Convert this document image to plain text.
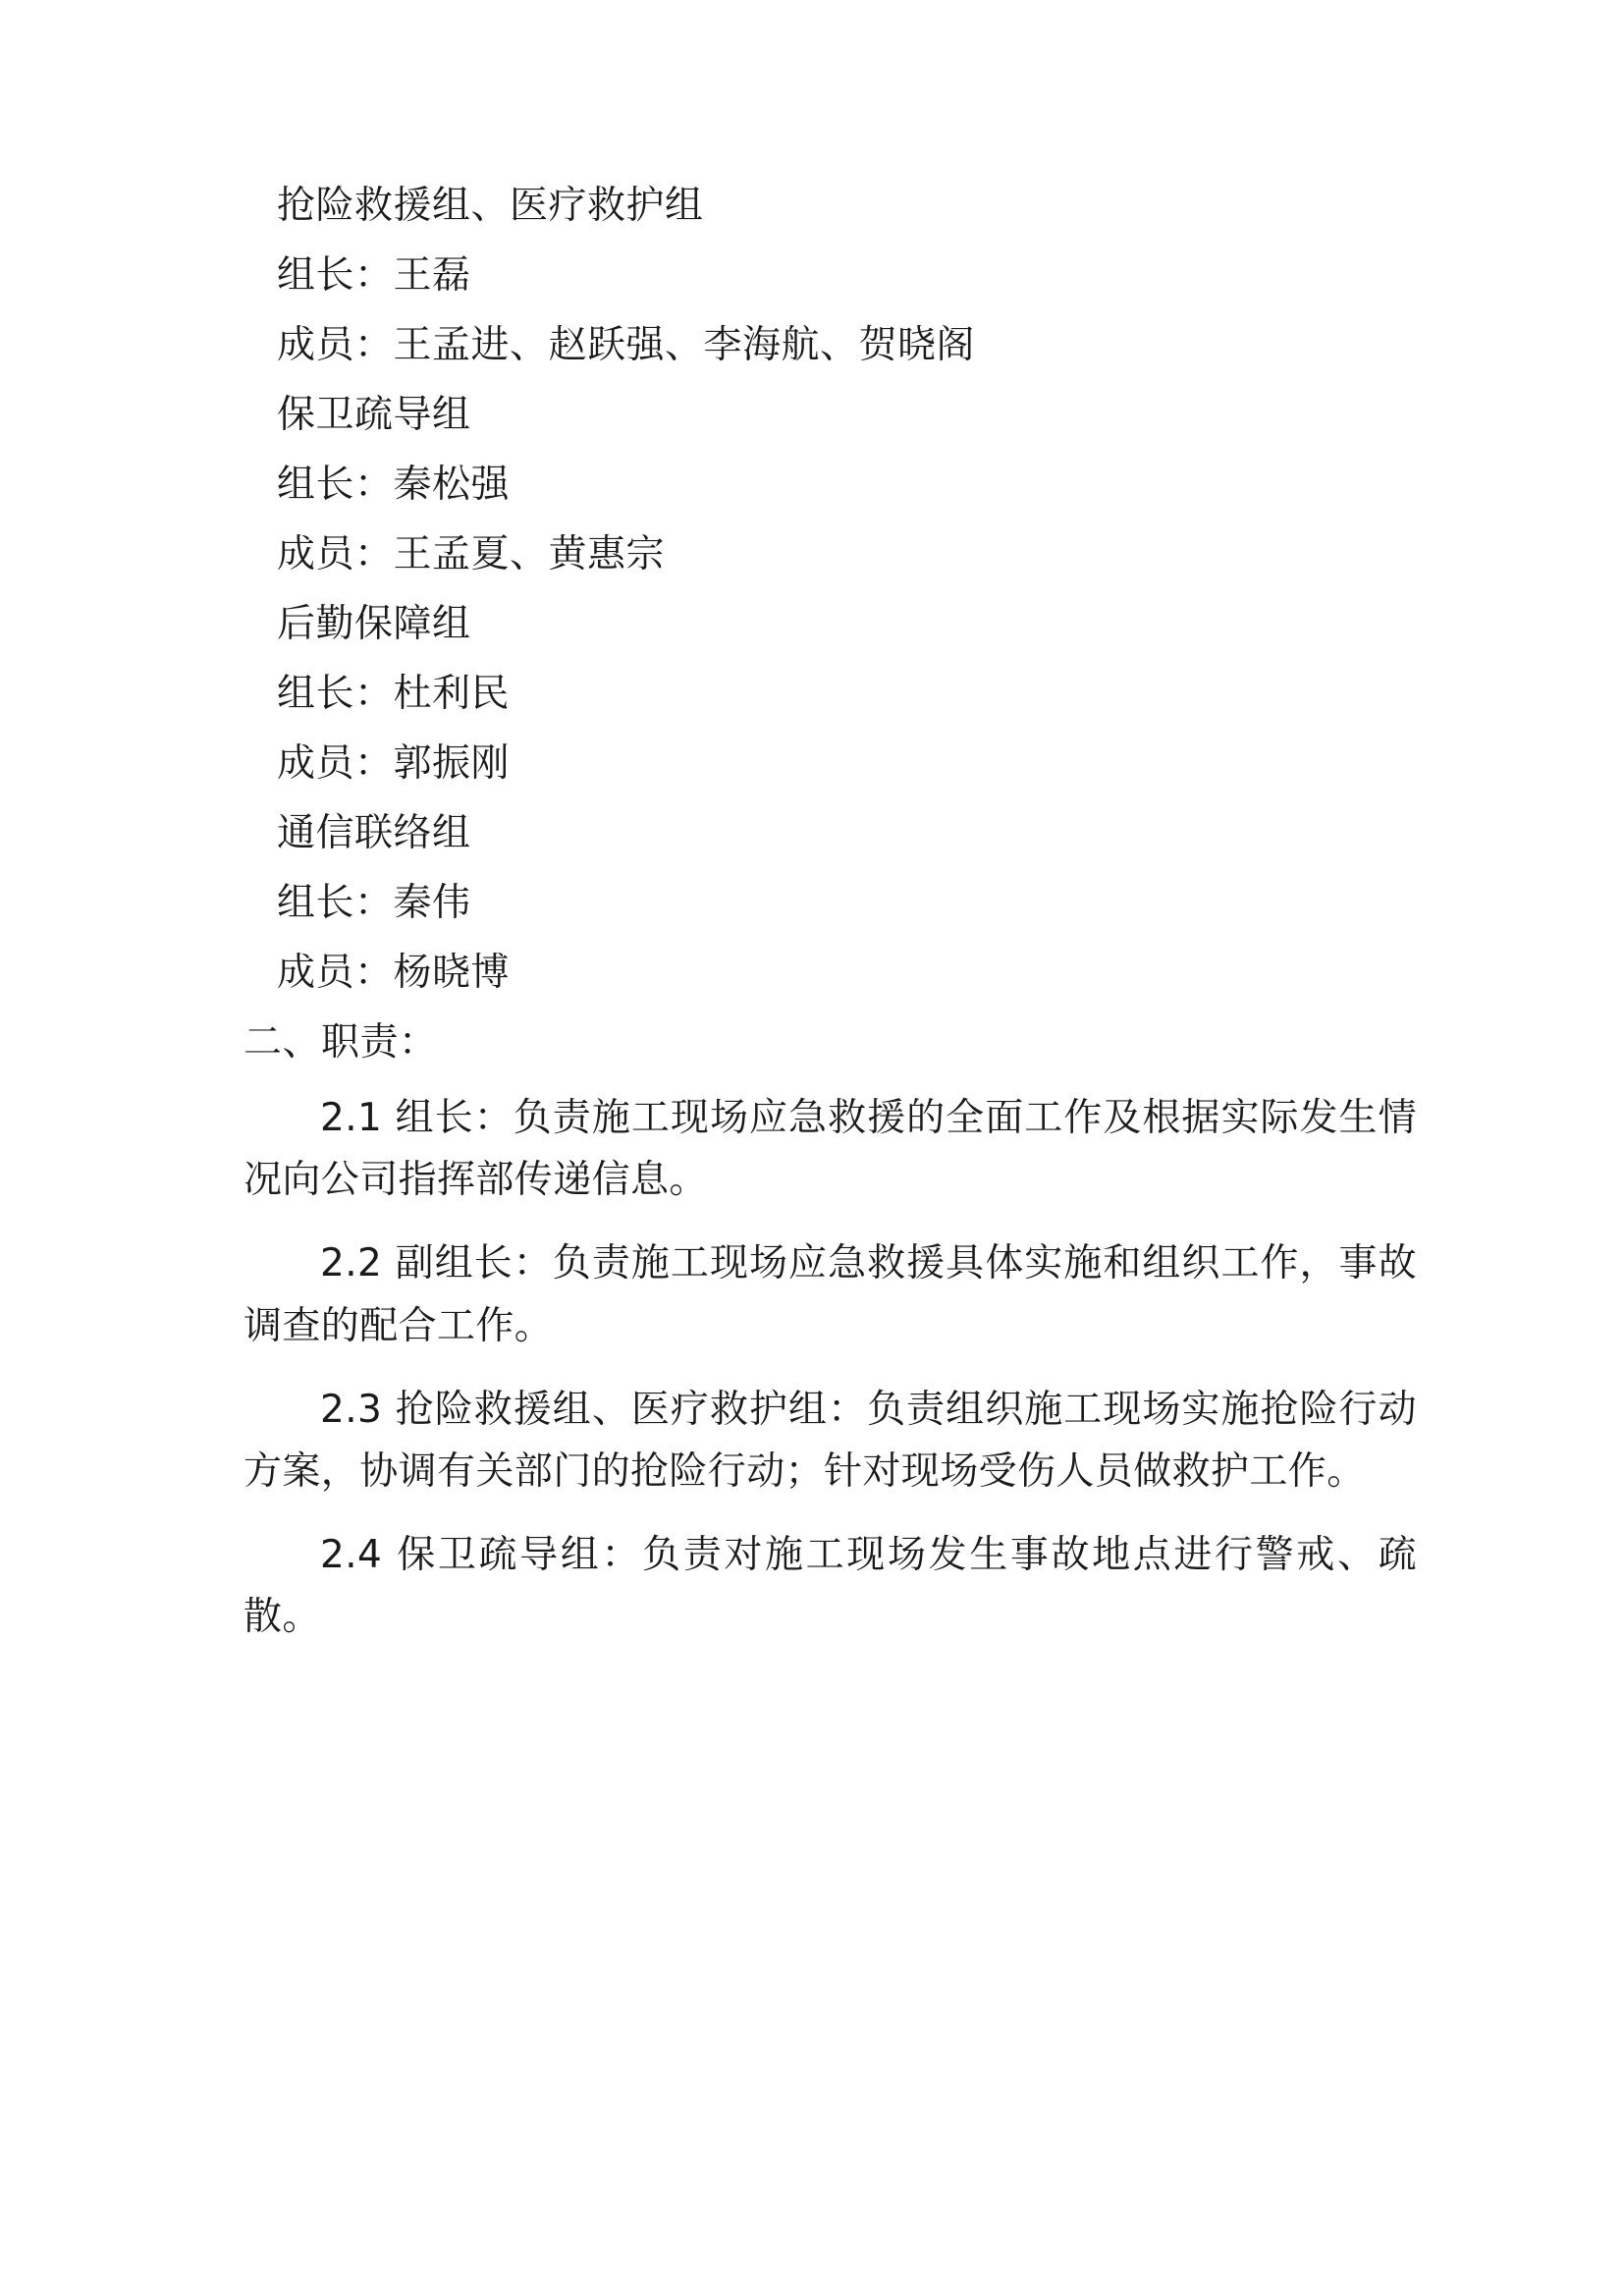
抢险救援组、医疗救护组
组长：王磊
成员：王孟进、赵跃强、李海航、贺晓阁
保卫疏导组
组长：秦松强
成员：王孟夏、黄惠宗
后勤保障组
组长：杜利民
成员：郭振刚
通信联络组
组长：秦伟
成员：杨晓博
二、职责：

2.1 组长：负责施工现场应急救援的全面工作及根据实际发生情况向公司指挥部传递信息。

2.2 副组长：负责施工现场应急救援具体实施和组织工作，事故调查的配合工作。

2.3 抢险救援组、医疗救护组：负责组织施工现场实施抢险行动方案，协调有关部门的抢险行动；针对现场受伤人员做救护工作。

2.4 保卫疏导组：负责对施工现场发生事故地点进行警戒、疏散。
